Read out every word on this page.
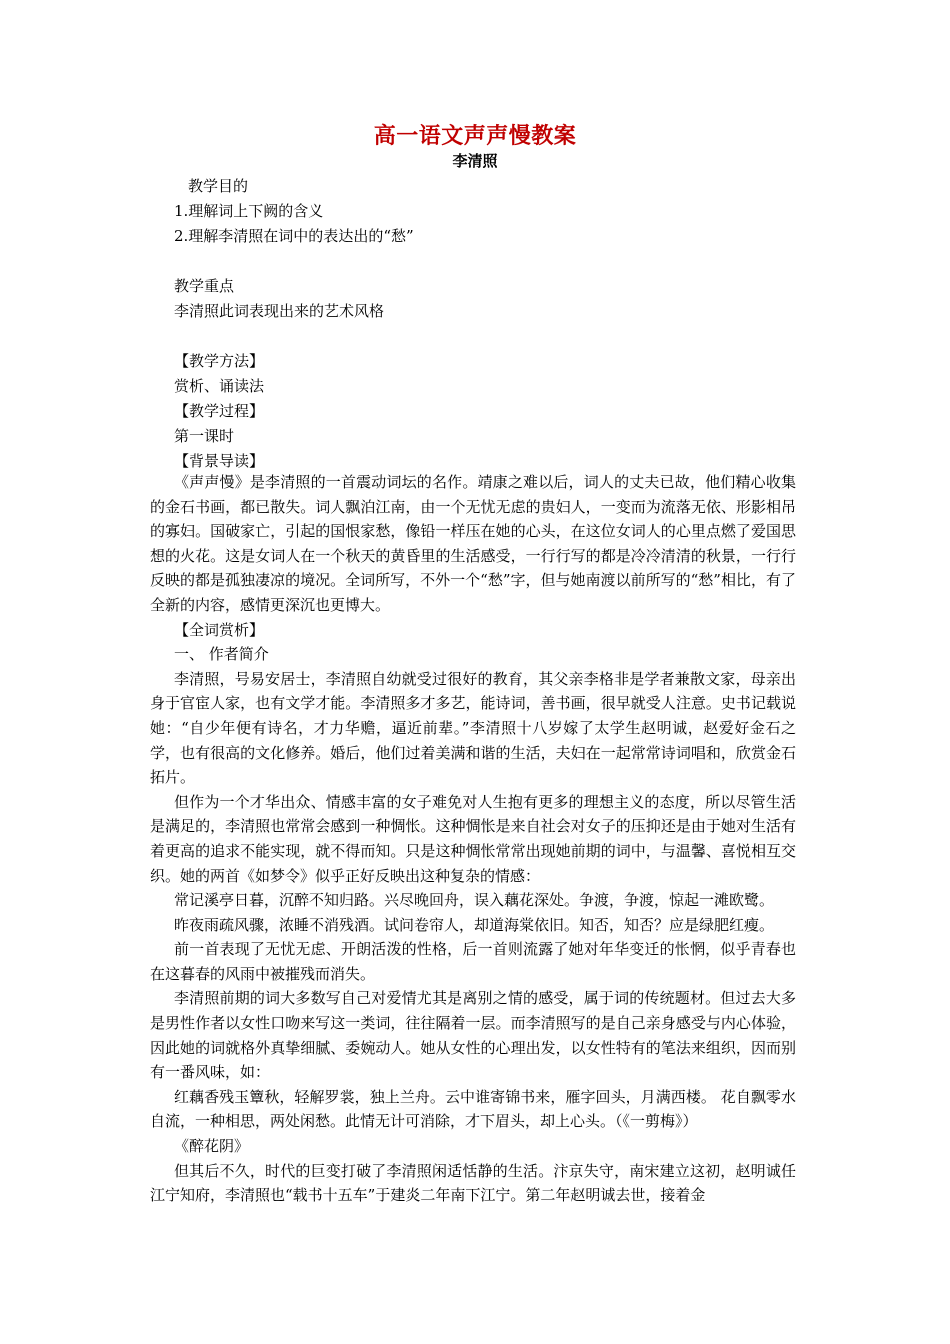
高一语文声声慢教案
李清照

教学目的

1.理解词上下阙的含义

2.理解李清照在词中的表达出的“愁”

教学重点

李清照此词表现出来的艺术风格

【教学方法】

赏析、诵读法

【教学过程】

第一课时

【背景导读】

《声声慢》是李清照的一首震动词坛的名作。靖康之难以后，词人的丈夫已故，他们精心收集的金石书画，都已散失。词人飘泊江南，由一个无忧无虑的贵妇人，一变而为流落无依、形影相吊的寡妇。国破家亡，引起的国恨家愁，像铅一样压在她的心头，在这位女词人的心里点燃了爱国思想的火花。这是女词人在一个秋天的黄昏里的生活感受，一行行写的都是冷冷清清的秋景，一行行反映的都是孤独凄凉的境况。全词所写，不外一个“愁”字，但与她南渡以前所写的“愁”相比，有了全新的内容，感情更深沉也更博大。

【全词赏析】

一、 作者简介

李清照，号易安居士，李清照自幼就受过很好的教育，其父亲李格非是学者兼散文家，母亲出身于官宦人家，也有文学才能。李清照多才多艺，能诗词，善书画，很早就受人注意。史书记载说她：“自少年便有诗名，才力华赡，逼近前辈。”李清照十八岁嫁了太学生赵明诚，赵爱好金石之学，也有很高的文化修养。婚后，他们过着美满和谐的生活，夫妇在一起常常诗词唱和，欣赏金石拓片。

但作为一个才华出众、情感丰富的女子难免对人生抱有更多的理想主义的态度，所以尽管生活是满足的，李清照也常常会感到一种惆怅。这种惆怅是来自社会对女子的压抑还是由于她对生活有着更高的追求不能实现，就不得而知。只是这种惆怅常常出现她前期的词中，与温馨、喜悦相互交织。她的两首《如梦令》似乎正好反映出这种复杂的情感：

常记溪亭日暮，沉醉不知归路。兴尽晚回舟，误入藕花深处。争渡，争渡，惊起一滩欧鹭。

昨夜雨疏风骤，浓睡不消残酒。试问卷帘人，却道海棠依旧。知否，知否？应是绿肥红瘦。

前一首表现了无忧无虑、开朗活泼的性格，后一首则流露了她对年华变迁的怅惘，似乎青春也在这暮春的风雨中被摧残而消失。

李清照前期的词大多数写自己对爱情尤其是离别之情的感受，属于词的传统题材。但过去大多是男性作者以女性口吻来写这一类词，往往隔着一层。而李清照写的是自己亲身感受与内心体验，因此她的词就格外真挚细腻、委婉动人。她从女性的心理出发，以女性特有的笔法来组织，因而别有一番风味，如：

红藕香残玉簟秋，轻解罗裳，独上兰舟。云中谁寄锦书来，雁字回头，月满西楼。 花自飘零水自流，一种相思，两处闲愁。此情无计可消除，才下眉头，却上心头。（《一剪梅》）

《醉花阴》

但其后不久，时代的巨变打破了李清照闲适恬静的生活。汴京失守，南宋建立这初，赵明诚任江宁知府，李清照也“载书十五车”于建炎二年南下江宁。第二年赵明诚去世，接着金
